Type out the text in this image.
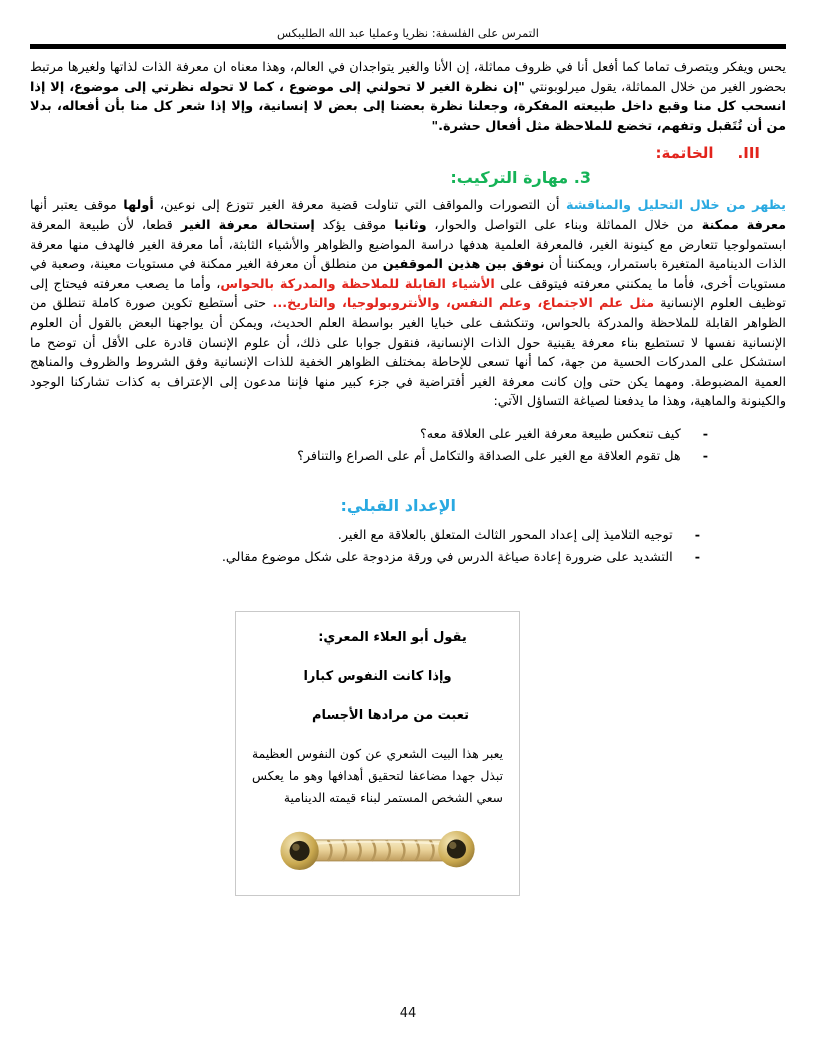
التمرس على الفلسفة: نظريا وعمليا عبد الله الطليبكس
يحس ويفكر ويتصرف تماما كما أفعل أنا في ظروف مماثلة، إن الأنا والغير يتواجدان في العالم، وهذا معناه ان معرفة الذات لذاتها ولغيرها مرتبط بحضور الغير من خلال المماثلة، يقول ميرلوبونتي "إن نظرة الغير لا تحولني إلى موضوع ، كما لا تحوله نظرتي إلى موضوع، إلا إذا انسحب كل منا وقبع داخل طبيعته المفكرة، وجعلنا نظرة بعضنا إلى بعض لا إنسانية، وإلا إذا شعر كل منا بأن أفعاله، بدلا من أن تُتَقبل وتفهم، تخضع للملاحظة مثل أفعال حشرة."
الخاتمة: III.
3. مهارة التركيب:
يظهر من خلال التحليل والمناقشة أن التصورات والمواقف التي تناولت قضية معرفة الغير تتوزع إلى نوعين، أولها موقف يعتبر أنها معرفة ممكنة من خلال المماثلة وبناء على التواصل والحوار، وثانيا موقف يؤكد إستحالة معرفة الغير قطعا، لأن طبيعة المعرفة ابستمولوجيا تتعارض مع كينونة الغير، فالمعرفة العلمية هدفها دراسة المواضيع والظواهر والأشياء الثابثة، أما معرفة الغير فالهدف منها معرفة الذات الدينامية المتغيرة باستمرار، ويمكننا أن نوفق بين هذين الموقفين من منطلق أن معرفة الغير ممكنة في مستويات معينة، وصعبة في مستويات أخرى، فأما ما يمكنني معرفته فيتوقف على الأشياء القابلة للملاحظة والمدركة بالحواس، وأما ما يصعب معرفته فيحتاج إلى توظيف العلوم الإنسانية مثل علم الاجتماع، وعلم النفس، والأنتروبولوجيا، والتاريخ... حتى أستطيع تكوين صورة كاملة تنطلق من الظواهر القابلة للملاحظة والمدركة بالحواس، وتنكشف على خبايا الغير بواسطة العلم الحديث، ويمكن أن يواجهنا البعض بالقول أن العلوم الإنسانية نفسها لا تستطيع بناء معرفة يقينية حول الذات الإنسانية، فنقول جوابا على ذلك، أن علوم الإنسان قادرة على الأقل أن توضح ما استشكل على المدركات الحسية من جهة، كما أنها تسعى للإحاطة بمختلف الظواهر الخفية للذات الإنسانية وفق الشروط والظروف والمناهج العمية المضبوطة. ومهما يكن حتى وإن كانت معرفة الغير أفتراضية في جزء كبير منها فإننا مدعون إلى الإعتراف به كذات تشاركنا الوجود والكينونة والماهية، وهذا ما يدفعنا لصياغة التساؤل الآتي:
-
كيف تنعكس طبيعة معرفة الغير على العلاقة معه؟
-
هل تقوم العلاقة مع الغير على الصداقة والتكامل أم على الصراع والتنافر؟
الإعداد القبلي:
-
توجيه التلاميذ إلى إعداد المحور الثالث المتعلق بالعلاقة مع الغير.
-
التشديد على ضرورة إعادة صياغة الدرس في ورقة مزدوجة على شكل موضوع مقالي.
يقول أبو العلاء المعري:
وإذا كانت النفوس كبارا
تعبت من مرادها الأجسام
يعبر هذا البيت الشعري عن كون النفوس العظيمة تبذل جهدا مضاعفا لتحقيق أهدافها وهو ما يعكس سعي الشخص المستمر لبناء قيمته الدينامية
44
